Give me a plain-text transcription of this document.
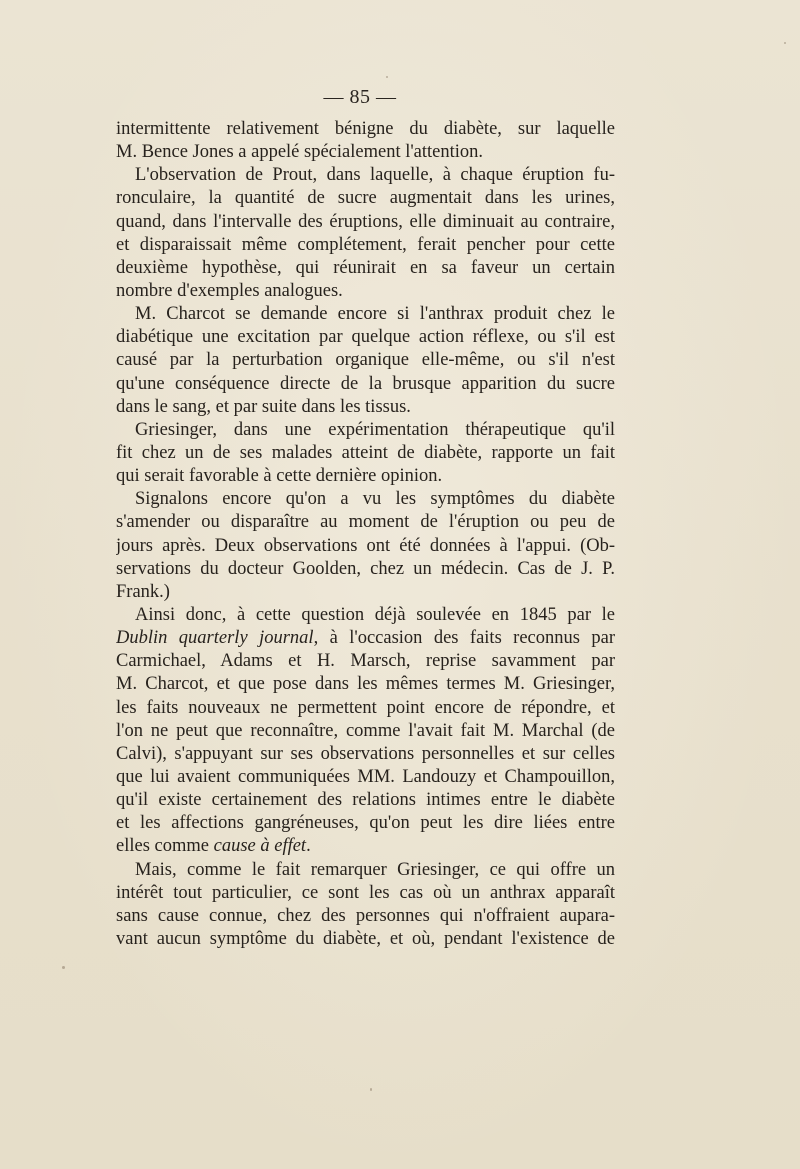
— 85 —
intermittente relativement bénigne du diabète, sur laquelle
M. Bence Jones a appelé spécialement l'attention.
L'observation de Prout, dans laquelle, à chaque éruption fu-
ronculaire, la quantité de sucre augmentait dans les urines,
quand, dans l'intervalle des éruptions, elle diminuait au contraire,
et disparaissait même complétement, ferait pencher pour cette
deuxième hypothèse, qui réunirait en sa faveur un certain
nombre d'exemples analogues.
M. Charcot se demande encore si l'anthrax produit chez le
diabétique une excitation par quelque action réflexe, ou s'il est
causé par la perturbation organique elle-même, ou s'il n'est
qu'une conséquence directe de la brusque apparition du sucre
dans le sang, et par suite dans les tissus.
Griesinger, dans une expérimentation thérapeutique qu'il
fit chez un de ses malades atteint de diabète, rapporte un fait
qui serait favorable à cette dernière opinion.
Signalons encore qu'on a vu les symptômes du diabète
s'amender ou disparaître au moment de l'éruption ou peu de
jours après. Deux observations ont été données à l'appui. (Ob-
servations du docteur Goolden, chez un médecin. Cas de J. P.
Frank.)
Ainsi donc, à cette question déjà soulevée en 1845 par le
Dublin quarterly journal, à l'occasion des faits reconnus par
Carmichael, Adams et H. Marsch, reprise savamment par
M. Charcot, et que pose dans les mêmes termes M. Griesinger,
les faits nouveaux ne permettent point encore de répondre, et
l'on ne peut que reconnaître, comme l'avait fait M. Marchal (de
Calvi), s'appuyant sur ses observations personnelles et sur celles
que lui avaient communiquées MM. Landouzy et Champouillon,
qu'il existe certainement des relations intimes entre le diabète
et les affections gangréneuses, qu'on peut les dire liées entre
elles comme cause à effet.
Mais, comme le fait remarquer Griesinger, ce qui offre un
intérêt tout particulier, ce sont les cas où un anthrax apparaît
sans cause connue, chez des personnes qui n'offraient aupara-
vant aucun symptôme du diabète, et où, pendant l'existence de
